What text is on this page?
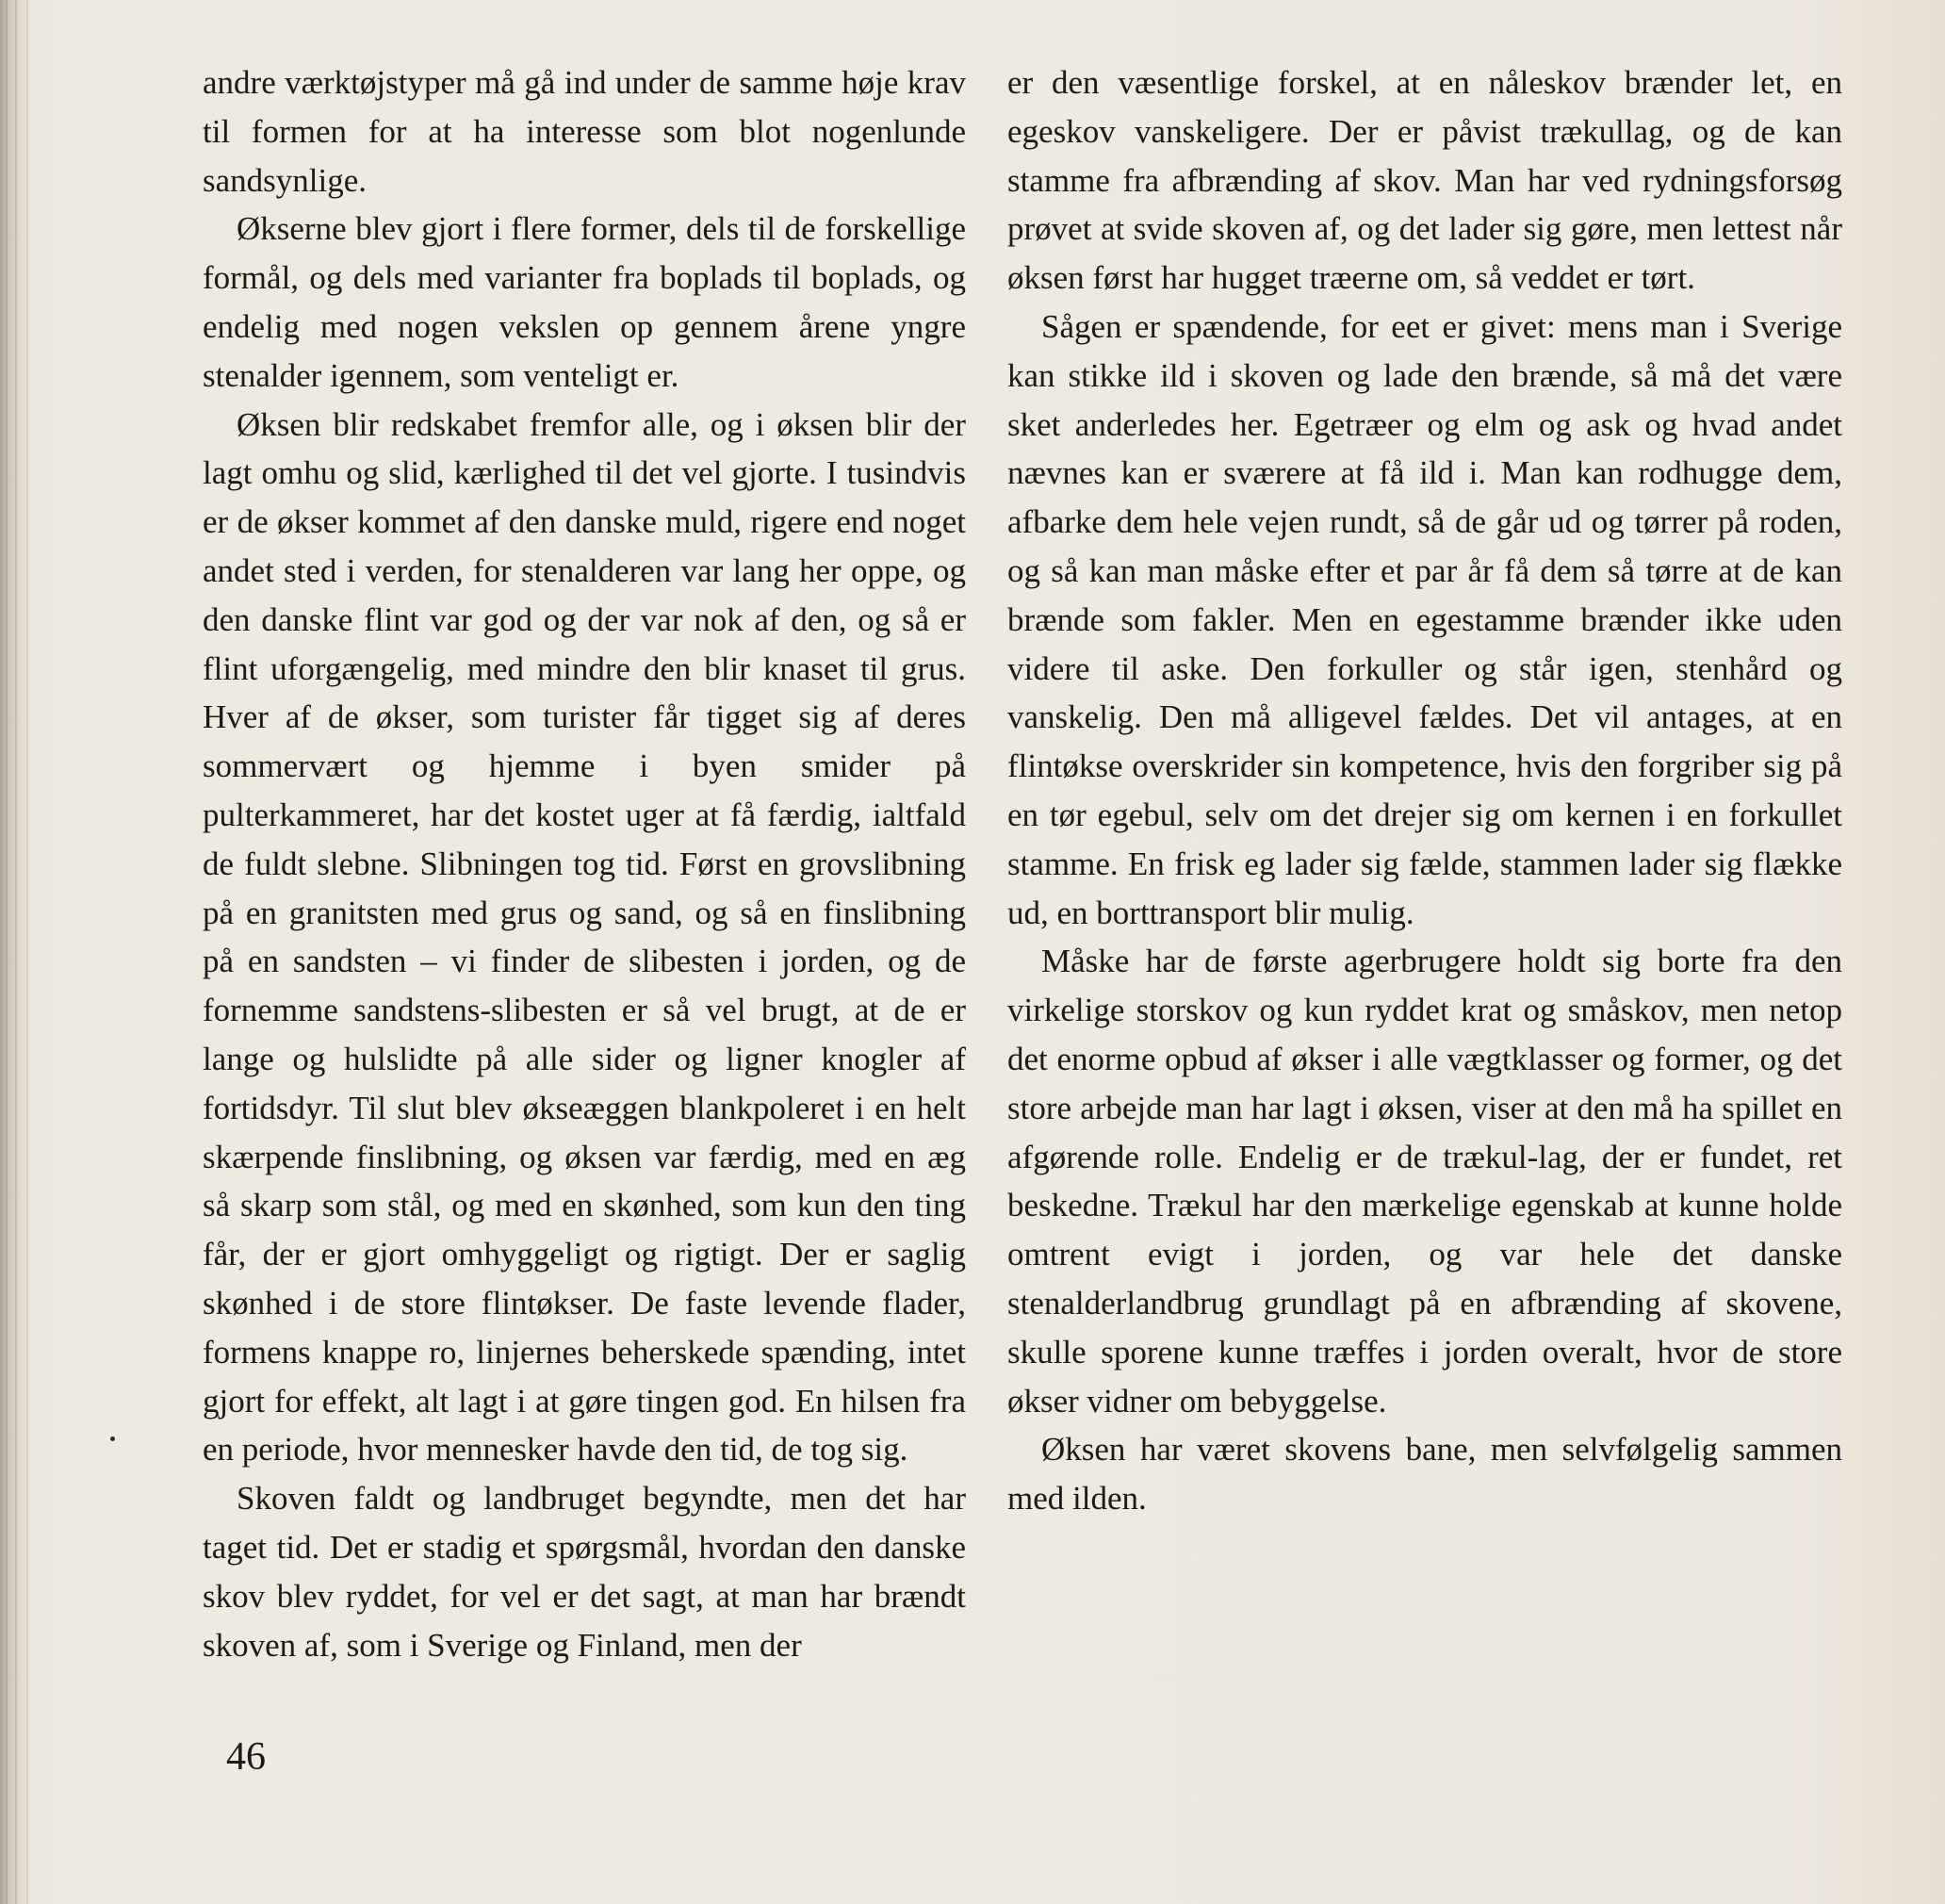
andre værktøjstyper må gå ind under de samme høje krav til formen for at ha interesse som blot nogenlunde sandsynlige.

Økserne blev gjort i flere former, dels til de forskellige formål, og dels med varianter fra boplads til boplads, og endelig med nogen vekslen op gennem årene yngre stenalder igennem, som venteligt er.

Øksen blir redskabet fremfor alle, og i øksen blir der lagt omhu og slid, kærlighed til det vel gjorte. I tusindvis er de økser kommet af den danske muld, rigere end noget andet sted i verden, for stenalderen var lang her oppe, og den danske flint var god og der var nok af den, og så er flint uforgængelig, med mindre den blir knaset til grus. Hver af de økser, som turister får tigget sig af deres sommervært og hjemme i byen smider på pulterkammeret, har det kostet uger at få færdig, ialtfald de fuldt slebne. Slibningen tog tid. Først en grovslibning på en granitsten med grus og sand, og så en finslibning på en sandsten – vi finder de slibesten i jorden, og de fornemme sandstens-slibesten er så vel brugt, at de er lange og hulslidte på alle sider og ligner knogler af fortidsdyr. Til slut blev økseæggen blankpoleret i en helt skærpende finslibning, og øksen var færdig, med en æg så skarp som stål, og med en skønhed, som kun den ting får, der er gjort omhyggeligt og rigtigt. Der er saglig skønhed i de store flintøkser. De faste levende flader, formens knappe ro, linjernes beherskede spænding, intet gjort for effekt, alt lagt i at gøre tingen god. En hilsen fra en periode, hvor mennesker havde den tid, de tog sig.

Skoven faldt og landbruget begyndte, men det har taget tid. Det er stadig et spørgsmål, hvordan den danske skov blev ryddet, for vel er det sagt, at man har brændt skoven af, som i Sverige og Finland, men der

er den væsentlige forskel, at en nåleskov brænder let, en egeskov vanskeligere. Der er påvist trækullag, og de kan stamme fra afbrænding af skov. Man har ved rydningsforsøg prøvet at svide skoven af, og det lader sig gøre, men lettest når øksen først har hugget træerne om, så veddet er tørt.

Sågen er spændende, for eet er givet: mens man i Sverige kan stikke ild i skoven og lade den brænde, så må det være sket anderledes her. Egetræer og elm og ask og hvad andet nævnes kan er sværere at få ild i. Man kan rodhugge dem, afbarke dem hele vejen rundt, så de går ud og tørrer på roden, og så kan man måske efter et par år få dem så tørre at de kan brænde som fakler. Men en egestamme brænder ikke uden videre til aske. Den forkuller og står igen, stenhård og vanskelig. Den må alligevel fældes. Det vil antages, at en flintøkse overskrider sin kompetence, hvis den forgriber sig på en tør egebul, selv om det drejer sig om kernen i en forkullet stamme. En frisk eg lader sig fælde, stammen lader sig flække ud, en borttransport blir mulig.

Måske har de første agerbrugere holdt sig borte fra den virkelige storskov og kun ryddet krat og småskov, men netop det enorme opbud af økser i alle vægtklasser og former, og det store arbejde man har lagt i øksen, viser at den må ha spillet en afgørende rolle. Endelig er de trækul-lag, der er fundet, ret beskedne. Trækul har den mærkelige egenskab at kunne holde omtrent evigt i jorden, og var hele det danske stenalderlandbrug grundlagt på en afbrænding af skovene, skulle sporene kunne træffes i jorden overalt, hvor de store økser vidner om bebyggelse.

Øksen har været skovens bane, men selvfølgelig sammen med ilden.

46
